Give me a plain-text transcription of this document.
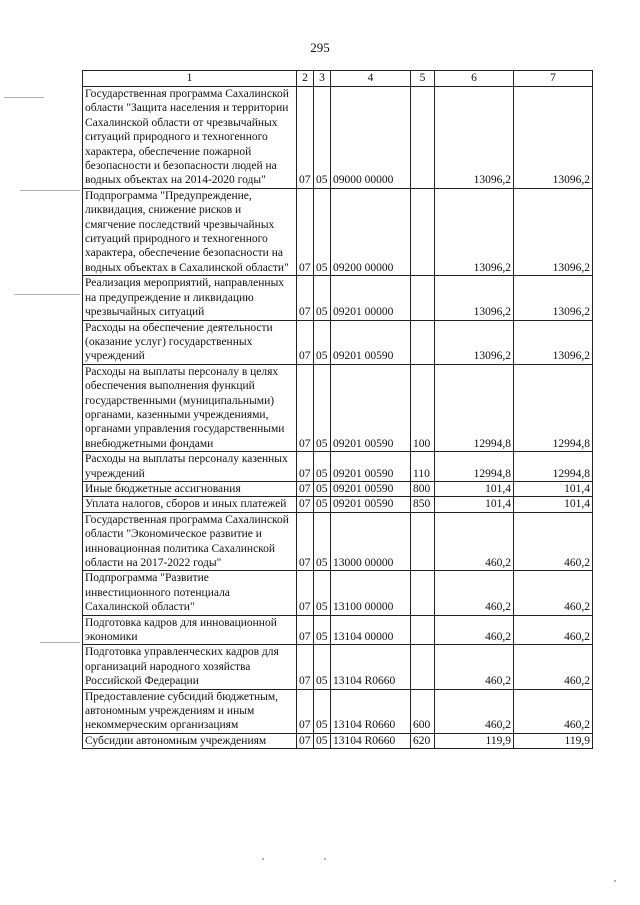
295
1	2	3	4	5	6	7
Государственная программа Сахалинской области "Защита населения и территории Сахалинской области от чрезвычайных ситуаций природного и техногенного характера, обеспечение пожарной безопасности и безопасности людей на водных объектах на 2014-2020 годы"	07	05	09000 00000		13096,2	13096,2
Подпрограмма "Предупреждение, ликвидация, снижение рисков и смягчение последствий чрезвычайных ситуаций природного и техногенного характера, обеспечение безопасности на водных объектах в Сахалинской области"	07	05	09200 00000		13096,2	13096,2
Реализация мероприятий, направленных на предупреждение и ликвидацию чрезвычайных ситуаций	07	05	09201 00000		13096,2	13096,2
Расходы на обеспечение деятельности (оказание услуг) государственных учреждений	07	05	09201 00590		13096,2	13096,2
Расходы на выплаты персоналу в целях обеспечения выполнения функций государственными (муниципальными) органами, казенными учреждениями, органами управления государственными внебюджетными фондами	07	05	09201 00590	100	12994,8	12994,8
Расходы на выплаты персоналу казенных учреждений	07	05	09201 00590	110	12994,8	12994,8
Иные бюджетные ассигнования	07	05	09201 00590	800	101,4	101,4
Уплата налогов, сборов и иных платежей	07	05	09201 00590	850	101,4	101,4
Государственная программа Сахалинской области "Экономическое развитие и инновационная политика Сахалинской области на 2017-2022 годы"	07	05	13000 00000		460,2	460,2
Подпрограмма "Развитие инвестиционного потенциала Сахалинской области"	07	05	13100 00000		460,2	460,2
Подготовка кадров для инновационной экономики	07	05	13104 00000		460,2	460,2
Подготовка управленческих кадров для организаций народного хозяйства Российской Федерации	07	05	13104 R0660		460,2	460,2
Предоставление субсидий бюджетным, автономным учреждениям и иным некоммерческим организациям	07	05	13104 R0660	600	460,2	460,2
Субсидии автономным учреждениям	07	05	13104 R0660	620	119,9	119,9
